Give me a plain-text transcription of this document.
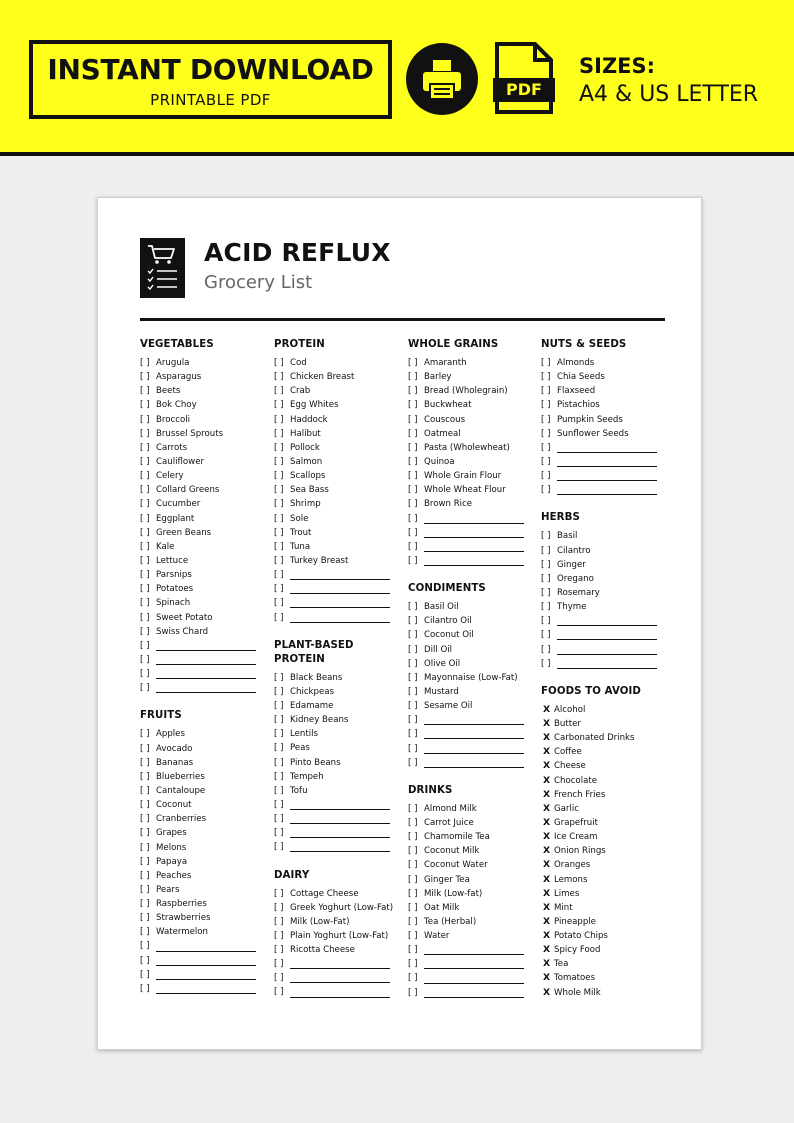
INSTANT DOWNLOAD
PRINTABLE PDF
PDF
SIZES:
A4 & US LETTER
ACID REFLUX
Grocery List
VEGETABLES
[ ] Arugula
[ ] Asparagus
[ ] Beets
[ ] Bok Choy
[ ] Broccoli
[ ] Brussel Sprouts
[ ] Carrots
[ ] Cauliflower
[ ] Celery
[ ] Collard Greens
[ ] Cucumber
[ ] Eggplant
[ ] Green Beans
[ ] Kale
[ ] Lettuce
[ ] Parsnips
[ ] Potatoes
[ ] Spinach
[ ] Sweet Potato
[ ] Swiss Chard
[ ]
[ ]
[ ]
[ ]
FRUITS
[ ] Apples
[ ] Avocado
[ ] Bananas
[ ] Blueberries
[ ] Cantaloupe
[ ] Coconut
[ ] Cranberries
[ ] Grapes
[ ] Melons
[ ] Papaya
[ ] Peaches
[ ] Pears
[ ] Raspberries
[ ] Strawberries
[ ] Watermelon
[ ]
[ ]
[ ]
[ ]
PROTEIN
[ ] Cod
[ ] Chicken Breast
[ ] Crab
[ ] Egg Whites
[ ] Haddock
[ ] Halibut
[ ] Pollock
[ ] Salmon
[ ] Scallops
[ ] Sea Bass
[ ] Shrimp
[ ] Sole
[ ] Trout
[ ] Tuna
[ ] Turkey Breast
[ ]
[ ]
[ ]
[ ]
PLANT-BASED
PROTEIN
[ ] Black Beans
[ ] Chickpeas
[ ] Edamame
[ ] Kidney Beans
[ ] Lentils
[ ] Peas
[ ] Pinto Beans
[ ] Tempeh
[ ] Tofu
[ ]
[ ]
[ ]
[ ]
DAIRY
[ ] Cottage Cheese
[ ] Greek Yoghurt (Low-Fat)
[ ] Milk (Low-Fat)
[ ] Plain Yoghurt (Low-Fat)
[ ] Ricotta Cheese
[ ]
[ ]
[ ]
WHOLE GRAINS
[ ] Amaranth
[ ] Barley
[ ] Bread (Wholegrain)
[ ] Buckwheat
[ ] Couscous
[ ] Oatmeal
[ ] Pasta (Wholewheat)
[ ] Quinoa
[ ] Whole Grain Flour
[ ] Whole Wheat Flour
[ ] Brown Rice
[ ]
[ ]
[ ]
[ ]
CONDIMENTS
[ ] Basil Oil
[ ] Cilantro Oil
[ ] Coconut Oil
[ ] Dill Oil
[ ] Olive Oil
[ ] Mayonnaise (Low-Fat)
[ ] Mustard
[ ] Sesame Oil
[ ]
[ ]
[ ]
[ ]
DRINKS
[ ] Almond Milk
[ ] Carrot Juice
[ ] Chamomile Tea
[ ] Coconut Milk
[ ] Coconut Water
[ ] Ginger Tea
[ ] Milk (Low-fat)
[ ] Oat Milk
[ ] Tea (Herbal)
[ ] Water
[ ]
[ ]
[ ]
[ ]
NUTS & SEEDS
[ ] Almonds
[ ] Chia Seeds
[ ] Flaxseed
[ ] Pistachios
[ ] Pumpkin Seeds
[ ] Sunflower Seeds
[ ]
[ ]
[ ]
[ ]
HERBS
[ ] Basil
[ ] Cilantro
[ ] Ginger
[ ] Oregano
[ ] Rosemary
[ ] Thyme
[ ]
[ ]
[ ]
[ ]
FOODS TO AVOID
X Alcohol
X Butter
X Carbonated Drinks
X Coffee
X Cheese
X Chocolate
X French Fries
X Garlic
X Grapefruit
X Ice Cream
X Onion Rings
X Oranges
X Lemons
X Limes
X Mint
X Pineapple
X Potato Chips
X Spicy Food
X Tea
X Tomatoes
X Whole Milk
